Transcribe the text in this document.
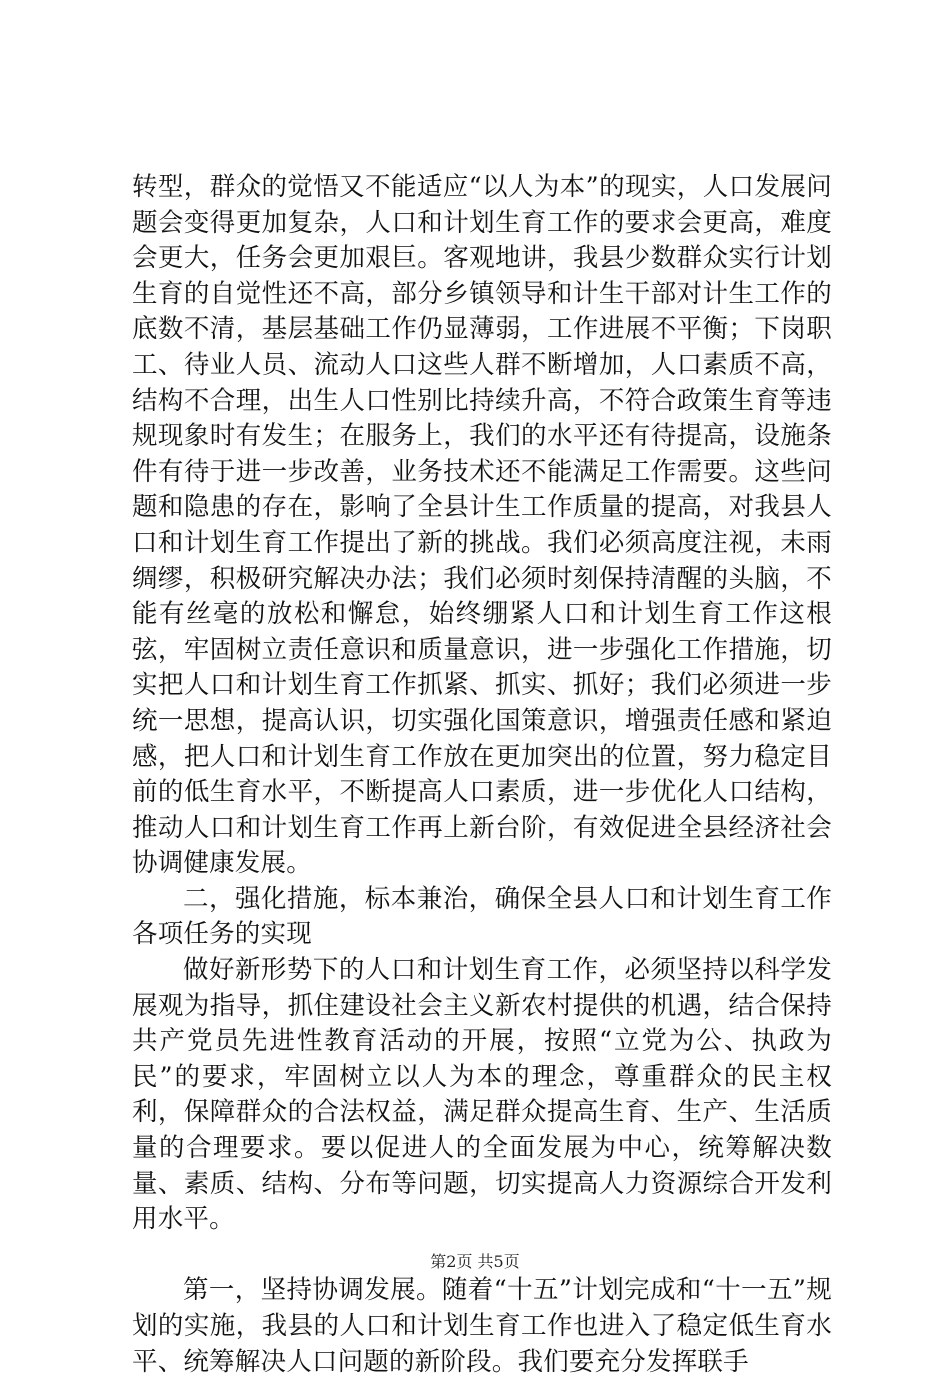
转型，群众的觉悟又不能适应“以人为本”的现实，人口发展问题会变得更加复杂，人口和计划生育工作的要求会更高，难度会更大，任务会更加艰巨。客观地讲，我县少数群众实行计划生育的自觉性还不高，部分乡镇领导和计生干部对计生工作的底数不清，基层基础工作仍显薄弱，工作进展不平衡；下岗职工、待业人员、流动人口这些人群不断增加，人口素质不高，结构不合理，出生人口性别比持续升高，不符合政策生育等违规现象时有发生；在服务上，我们的水平还有待提高，设施条件有待于进一步改善，业务技术还不能满足工作需要。这些问题和隐患的存在，影响了全县计生工作质量的提高，对我县人口和计划生育工作提出了新的挑战。我们必须高度注视，未雨绸缪，积极研究解决办法；我们必须时刻保持清醒的头脑，不能有丝毫的放松和懈怠，始终绷紧人口和计划生育工作这根弦，牢固树立责任意识和质量意识，进一步强化工作措施，切实把人口和计划生育工作抓紧、抓实、抓好；我们必须进一步统一思想，提高认识，切实强化国策意识，增强责任感和紧迫感，把人口和计划生育工作放在更加突出的位置，努力稳定目前的低生育水平，不断提高人口素质，进一步优化人口结构，推动人口和计划生育工作再上新台阶，有效促进全县经济社会协调健康发展。

二，强化措施，标本兼治，确保全县人口和计划生育工作各项任务的实现

做好新形势下的人口和计划生育工作，必须坚持以科学发展观为指导，抓住建设社会主义新农村提供的机遇，结合保持共产党员先进性教育活动的开展，按照“立党为公、执政为民”的要求，牢固树立以人为本的理念，尊重群众的民主权利，保障群众的合法权益，满足群众提高生育、生产、生活质量的合理要求。要以促进人的全面发展为中心，统筹解决数量、素质、结构、分布等问题，切实提高人力资源综合开发利用水平。

第一，坚持协调发展。随着“十五”计划完成和“十一五”规划的实施，我县的人口和计划生育工作也进入了稳定低生育水平、统筹解决人口问题的新阶段。我们要充分发挥联手

第2页 共5页
